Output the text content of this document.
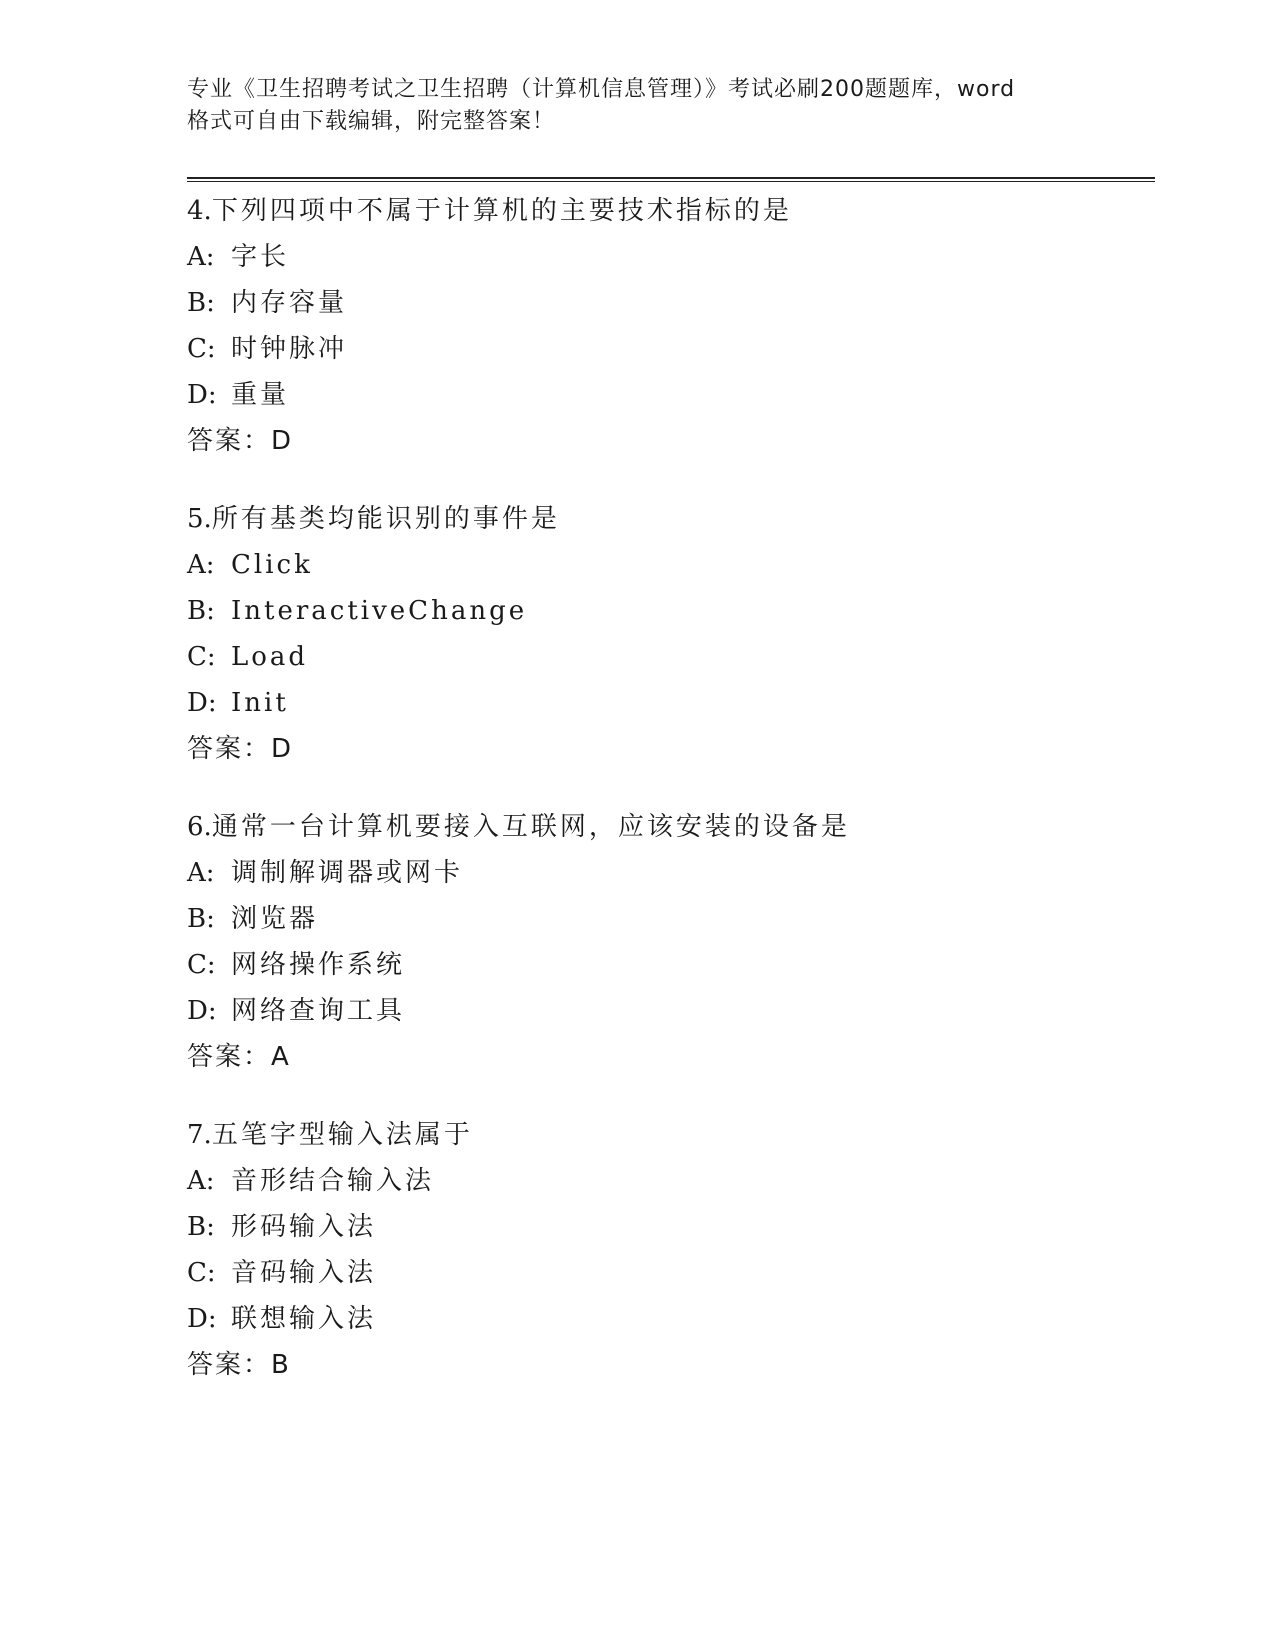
专业《卫生招聘考试之卫生招聘（计算机信息管理）》考试必刷200题题库，word
格式可自由下载编辑，附完整答案！
4.下列四项中不属于计算机的主要技术指标的是
A: 字长
B: 内存容量
C: 时钟脉冲
D: 重量
答案：D
5.所有基类均能识别的事件是
A: Click
B: InteractiveChange
C: Load
D: Init
答案：D
6.通常一台计算机要接入互联网，应该安装的设备是
A: 调制解调器或网卡
B: 浏览器
C: 网络操作系统
D: 网络查询工具
答案：A
7.五笔字型输入法属于
A: 音形结合输入法
B: 形码输入法
C: 音码输入法
D: 联想输入法
答案：B
